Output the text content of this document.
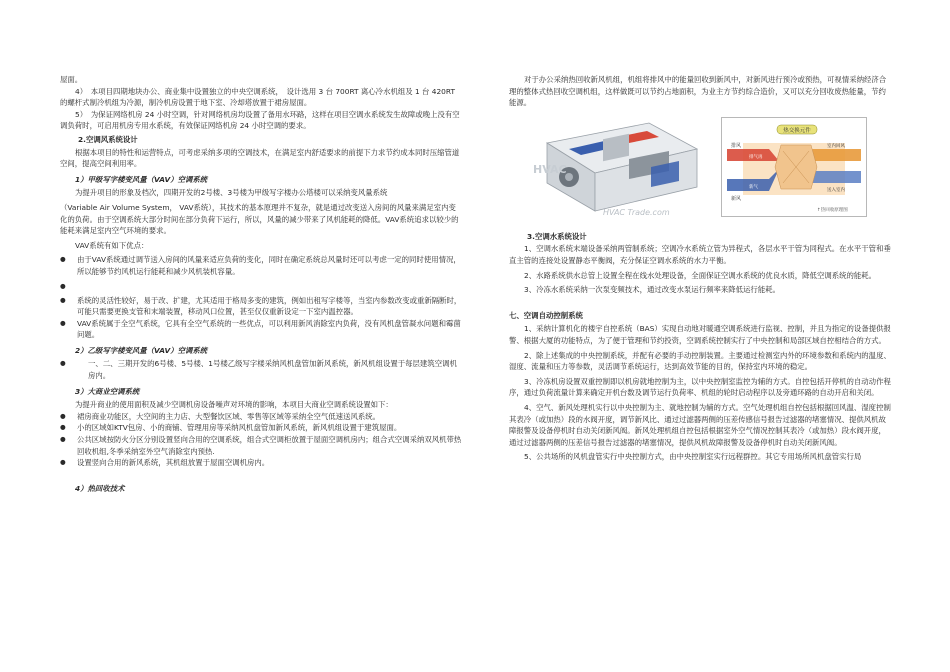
屋面。

4）　本项目四期地块办公、商业集中设置独立的中央空调系统，　设计选用 3 台 700RT 离心冷水机组及 1 台 420RT 的螺杆式制冷机组为冷源，制冷机房设置于地下室、冷却塔放置于裙房屋面。

5）　为保证网络机房 24 小时空调，针对网络机房均设置了备用水环路，这样在项目空调水系统发生故障或晚上没有空调负荷时，可启用机房专用水系统，有效保证网络机房 24 小时空调的要求。

2.空调风系统设计

根据本项目的特性和运营特点，可考虑采纳多项的空调技术，在满足室内舒适要求的前提下力求节约成本同时压缩管道空间，提高空间利用率。

1）甲级写字楼变风量（VAV）空调系统

为提升项目的形象及档次，四期开发的2号楼、3号楼为甲级写字楼办公塔楼可以采纳变风量系统

（Variable Air Volume System， VAV系统），其技术的基本原理并不复杂，就是通过改变送入房间的风量来满足室内变化的负荷。由于空调系统大部分时间在部分负荷下运行，所以，风量的减少带来了风机能耗的降低。VAV系统追求以较少的能耗来满足室内空气环境的要求。

VAV系统有如下优点：

● 由于VAV系统通过调节送入房间的风量来适应负荷的变化，同时在确定系统总风量时还可以考虑一定的同时使用情况，所以能够节约风机运行能耗和减少风机装机容量。

●

● 系统的灵活性较好，易于改、扩建，尤其适用于格局多变的建筑，例如出租写字楼等，当室内参数改变或重新隔断时，可能只需要更换支管和末端装置，移动风口位置，甚至仅仅重新设定一下室内温控器。

● VAV系统属于全空气系统，它具有全空气系统的一些优点，可以利用新风消除室内负荷，没有风机盘管凝水问题和霉菌问题。

2）乙级写字楼变风量（VAV）空调系统

● 一、二、三期开发的6号楼、5号楼、1号楼乙级写字楼采纳风机盘管加新风系统，新风机组设置于每层建筑空调机房内。

3）大商业空调系统

为提升商业的使用面积及减少空调机房设备噪声对环境的影响，本项目大商业空调系统设置如下：

● 裙房商业功能区，大空间的主力店、大型餐饮区域、零售等区域等采纳全空气低速送风系统。

● 小的区域如KTV包房、小的商铺、管理用房等采纳风机盘管加新风系统，新风机组设置于建筑屋面。

● 公共区域按防火分区分别设置竖向合用的空调系统，组合式空调柜放置于屋面空调机房内；组合式空调采纳双风机带热回收机组,冬季采纳室外空气消除室内预热.

● 设置竖向合用的新风系统，其机组放置于屋面空调机房内。

4）热回收技术

对于办公采纳热回收新风机组，机组将排风中的能量回收到新风中，对新风进行预冷或预热，可视情采纳经济合理的整体式热回收空调机组，这样做既可以节约占地面积，为业主方节约综合造价，又可以充分回收废热能量，节约能源。

HVAC
HVAC Trade.com
热交换元件
排风
新风
排气再
新气
室内回风
送入室内
↑热回收原理图

3.空调水系统设计

1、空调水系统末端设备采纳两管制系统；空调冷水系统立管为异程式，各层水平干管为同程式。在水平干管和垂直主管的连接处设置静态平衡阀，充分保证空调水系统的水力平衡。

2、水路系统供水总管上设置全程在线水处理设备，全面保证空调水系统的优良水质，降低空调系统的能耗。

3、冷冻水系统采纳一次泵变频技术，通过改变水泵运行频率来降低运行能耗。

七、空调自动控制系统

1、采纳计算机化的楼宇自控系统（BAS）实现自动地对暖通空调系统进行监视、控制，并且为指定的设备提供报警、根据大厦的功能特点，为了便于管理和节约投资，空调系统控制实行了中央控制和局部区域自控相结合的方式。

2、除上述集成的中央控制系统，并配有必要的手动控制装置。主要通过检测室内外的环境参数和系统内的温度、湿度、流量和压力等参数，灵活调节系统运行，达到高效节能的目的，保持室内环境的稳定。

3、冷冻机房设置双重控制即以机房就地控制为主，以中央控制室监控为辅的方式。自控包括开停机的自动动作程序，通过负荷流量计算来确定开机台数及调节运行负荷率、机组的轮时启动程序以及旁通环路的自动开启和关闭。

4、空气、新风处理机实行以中央控制为主、就地控制为辅的方式。空气处理机组自控包括根据回风温、湿度控制其表冷（或加热）段的水阀开度，调节新风比、通过过滤器两侧的压差传感信号报告过滤器的堵塞情况、提供风机故障报警及设备停机时自动关闭新风阀。新风处理机组自控包括根据室外空气情况控制其表冷（或加热）段水阀开度，通过过滤器两侧的压差信号报告过滤器的堵塞情况，提供风机故障报警及设备停机时自动关闭新风阀。

5、公共场所的风机盘管实行中央控制方式，由中央控制室实行远程群控。其它专用场所风机盘管实行局
